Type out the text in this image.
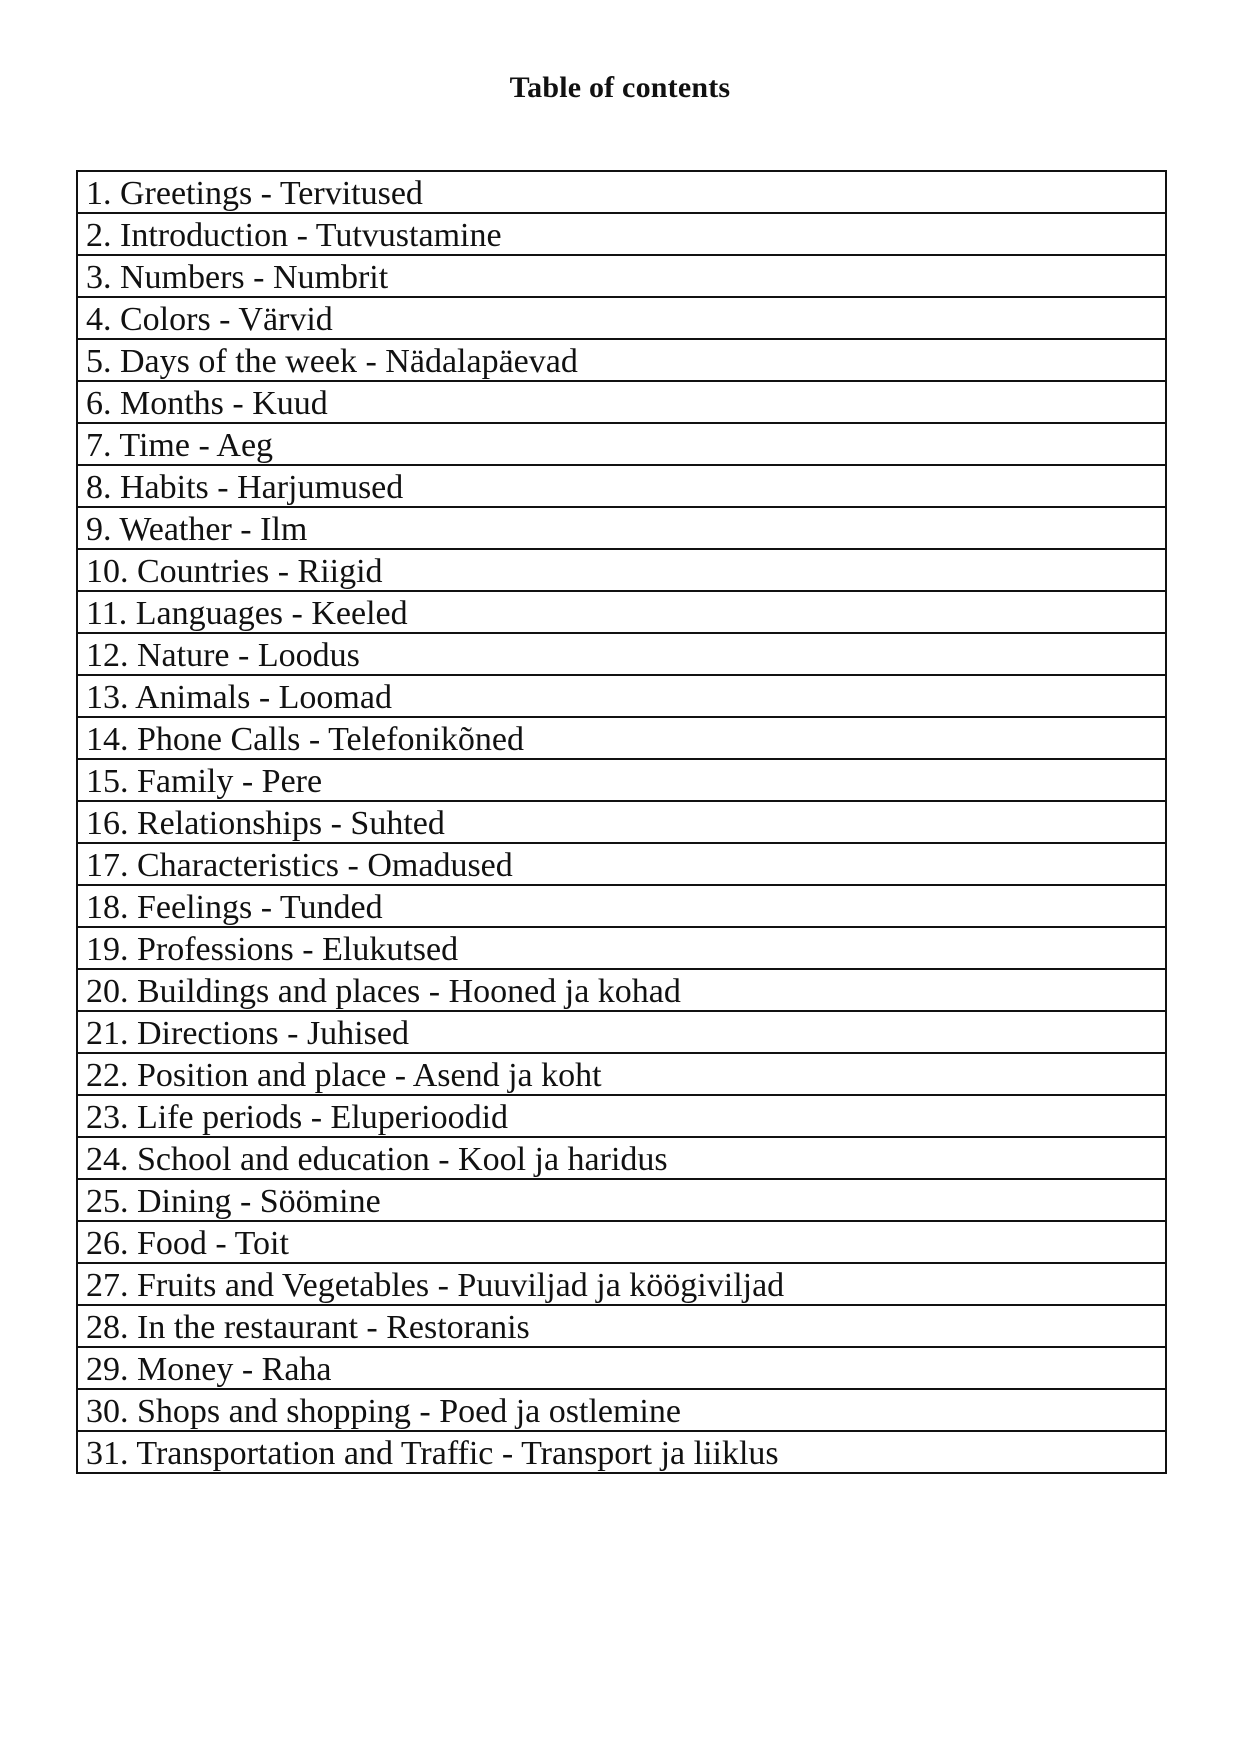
Table of contents
1. Greetings - Tervitused
2. Introduction - Tutvustamine
3. Numbers - Numbrit
4. Colors - Värvid
5. Days of the week - Nädalapäevad
6. Months - Kuud
7. Time - Aeg
8. Habits - Harjumused
9. Weather - Ilm
10. Countries - Riigid
11. Languages - Keeled
12. Nature - Loodus
13. Animals - Loomad
14. Phone Calls - Telefonikõned
15. Family - Pere
16. Relationships - Suhted
17. Characteristics - Omadused
18. Feelings - Tunded
19. Professions - Elukutsed
20. Buildings and places - Hooned ja kohad
21. Directions - Juhised
22. Position and place - Asend ja koht
23. Life periods - Eluperioodid
24. School and education - Kool ja haridus
25. Dining - Söömine
26. Food - Toit
27. Fruits and Vegetables - Puuviljad ja köögiviljad
28. In the restaurant - Restoranis
29. Money - Raha
30. Shops and shopping - Poed ja ostlemine
31. Transportation and Traffic - Transport ja liiklus
